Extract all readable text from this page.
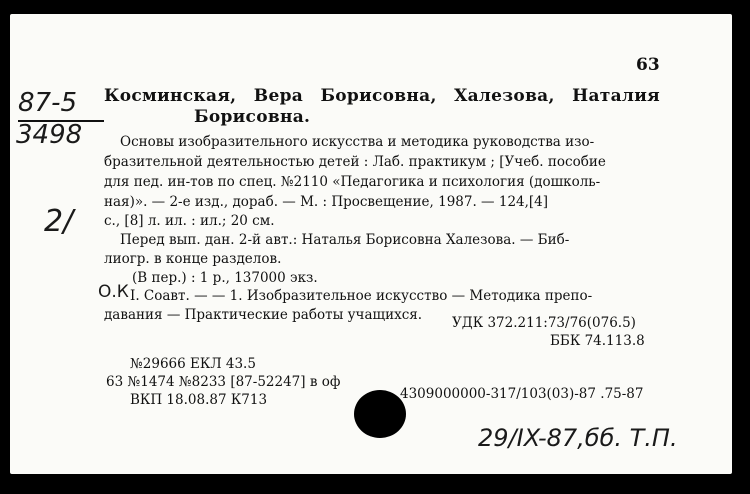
63
87-5
3498
2/
Косминская, Вера Борисовна, Халезова, Наталия
Борисовна.
Основы изобразительного искусства и методика руководства изо-
бразительной деятельностью детей : Лаб. практикум ; [Учеб. пособие
для пед. ин-тов по спец. №2110 «Педагогика и психология (дошколь-
ная)». — 2-е изд., дораб. — М. : Просвещение, 1987. — 124,[4]
с., [8] л. ил. : ил.; 20 см.
Перед вып. дан. 2-й авт.: Наталья Борисовна Халезова. — Биб-
лиогр. в конце разделов.
(В пер.) : 1 р., 137000 экз.
О.К I. Соавт. — — 1. Изобразительное искусство — Методика препо-
давания — Практические работы учащихся. УДК 372.211:73/76(076.5)
ББК 74.113.8
№29666 ЕКЛ 43.5
63 №1474 №8233 [87-52247] в оф
ВКП 18.08.87 К713	4309000000-317/103(03)-87 .75-87
29/IX-87,бб. Т.П.
